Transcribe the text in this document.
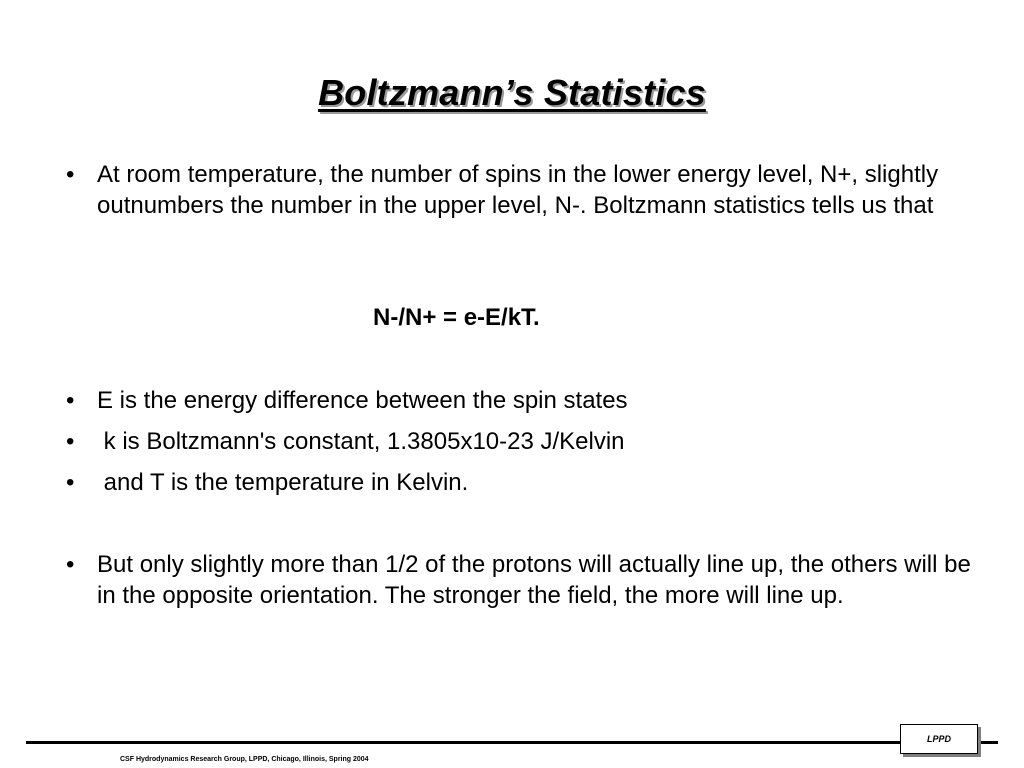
Boltzmann’s Statistics
• At room temperature, the number of spins in the lower energy level, N+, slightly outnumbers the number in the upper level, N-. Boltzmann statistics tells us that
N-/N+ = e-E/kT.
• E is the energy difference between the spin states
• k is Boltzmann's constant, 1.3805x10-23 J/Kelvin
• and T is the temperature in Kelvin.
• But only slightly more than 1/2 of the protons will actually line up, the others will be in the opposite orientation. The stronger the field, the more will line up.
LPPD
CSF Hydrodynamics Research Group, LPPD, Chicago, Illinois, Spring 2004
